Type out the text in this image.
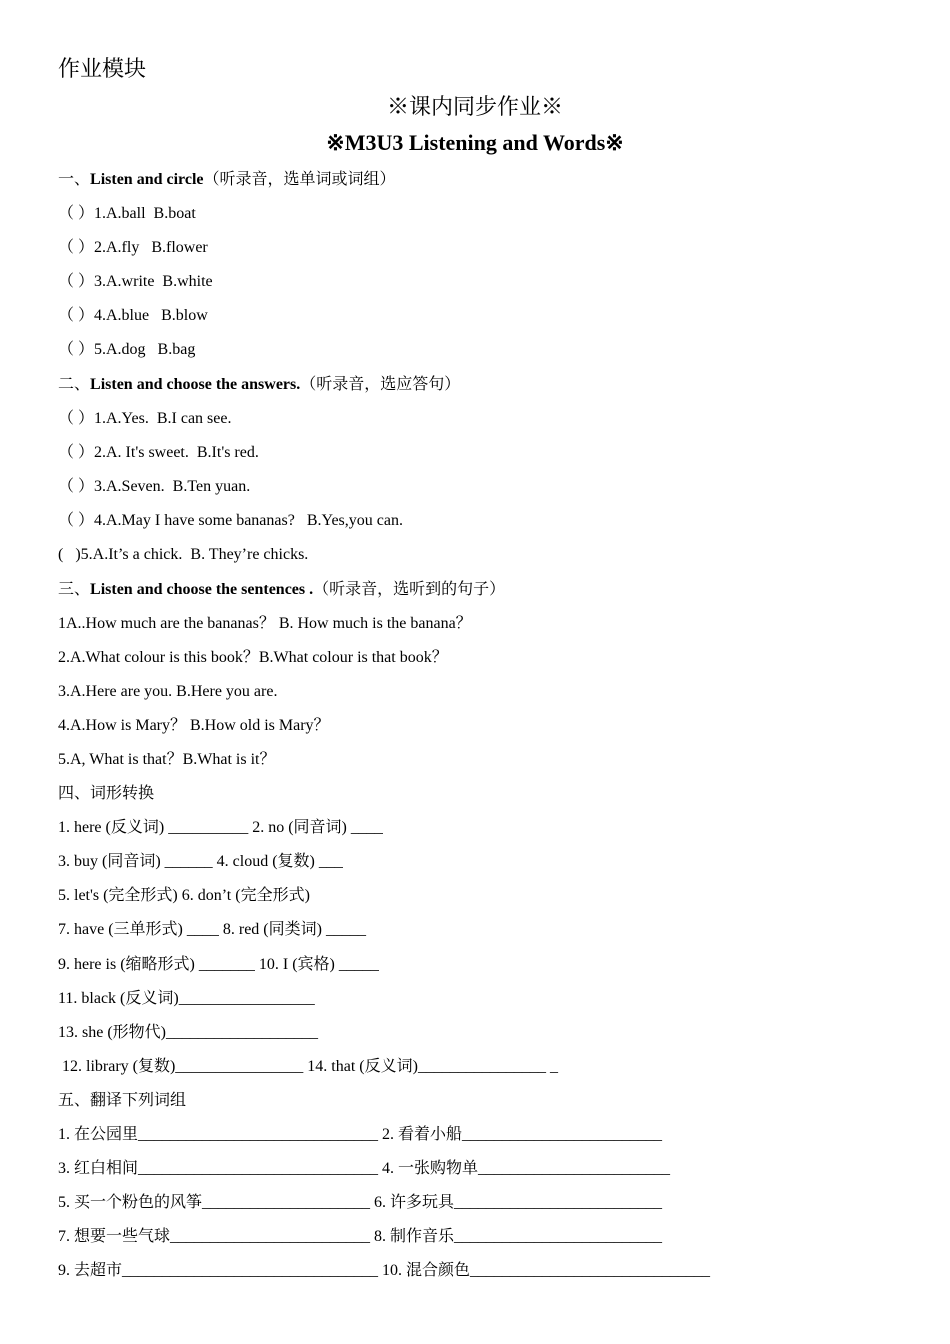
作业模块
※课内同步作业※
※M3U3 Listening and Words※
一、Listen and circle（听录音，选单词或词组）
（ ）1.A.ball  B.boat
（ ）2.A.fly   B.flower
（ ）3.A.write  B.white
（ ）4.A.blue   B.blow
（ ）5.A.dog   B.bag
二、Listen and choose the answers.（听录音，选应答句）
（ ）1.A.Yes.  B.I can see.
（ ）2.A. It's sweet.  B.It's red.
（ ）3.A.Seven.  B.Ten yuan.
（ ）4.A.May I have some bananas?   B.Yes,you can.
(   )5.A.It’s a chick.  B. They’re chicks.
三、Listen and choose the sentences .（听录音，选听到的句子）
1A..How much are the bananas？ B. How much is the banana？
2.A.What colour is this book？B.What colour is that book？
3.A.Here are you. B.Here you are.
4.A.How is Mary？ B.How old is Mary？
5.A, What is that？B.What is it？
四、词形转换
1. here (反义词) __________ 2. no (同音词) ____
3. buy (同音词) ______ 4. cloud (复数) ___
5. let's (完全形式) 6. don’t (完全形式)
7. have (三单形式) ____ 8. red (同类词) _____
9. here is (缩略形式) _______ 10. I (宾格) _____
11. black (反义词)_________________
13. she (形物代)___________________
12. library (复数)________________ 14. that (反义词)________________ _
五、翻译下列词组
1. 在公园里______________________________ 2. 看着小船_________________________
3. 红白相间______________________________ 4. 一张购物单________________________
5. 买一个粉色的风筝_____________________ 6. 许多玩具__________________________
7. 想要一些气球_________________________ 8. 制作音乐__________________________
9. 去超市________________________________ 10. 混合颜色______________________________
